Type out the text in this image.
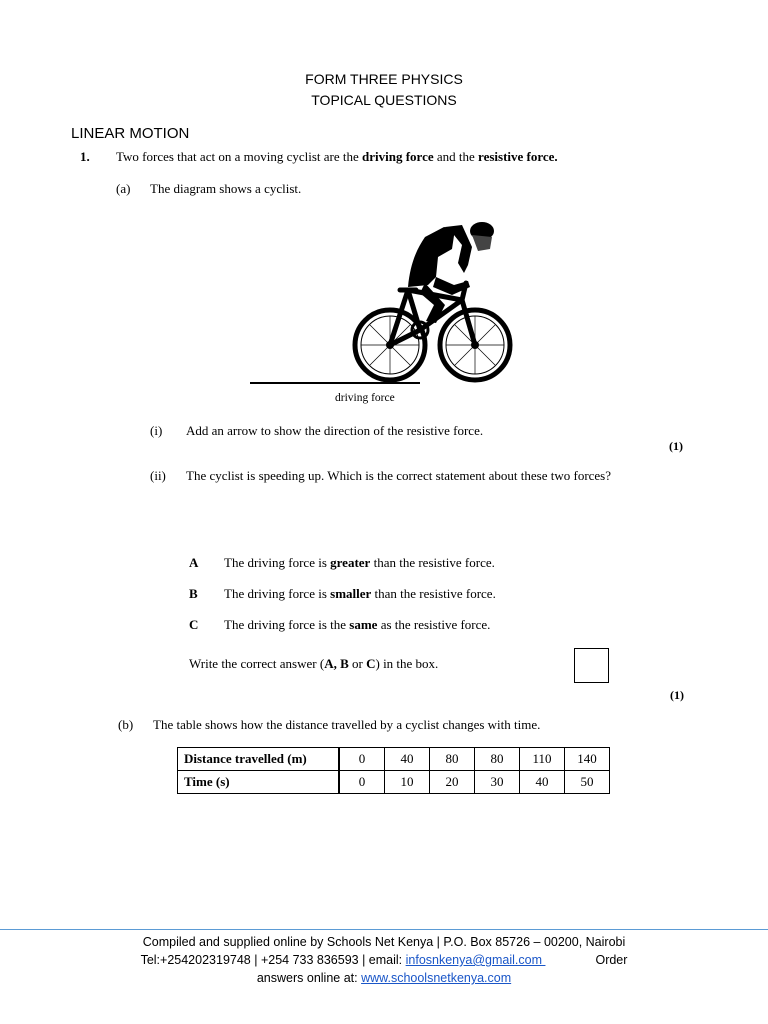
FORM THREE PHYSICS
TOPICAL QUESTIONS
LINEAR MOTION
1. Two forces that act on a moving cyclist are the driving force and the resistive force.
(a) The diagram shows a cyclist.
driving force
(i) Add an arrow to show the direction of the resistive force.
(1)
(ii) The cyclist is speeding up. Which is the correct statement about these two forces?
A The driving force is greater than the resistive force.
B The driving force is smaller than the resistive force.
C The driving force is the same as the resistive force.
Write the correct answer (A, B or C) in the box.
(1)
(b) The table shows how the distance travelled by a cyclist changes with time.
Distance travelled (m)	0	40	80	80	110	140
Time (s)	0	10	20	30	40	50
Compiled and supplied online by Schools Net Kenya | P.O. Box 85726 – 00200, Nairobi
Tel:+254202319748 | +254 733 836593 | email: infosnkenya@gmail.com	Order
answers online at: www.schoolsnetkenya.com
